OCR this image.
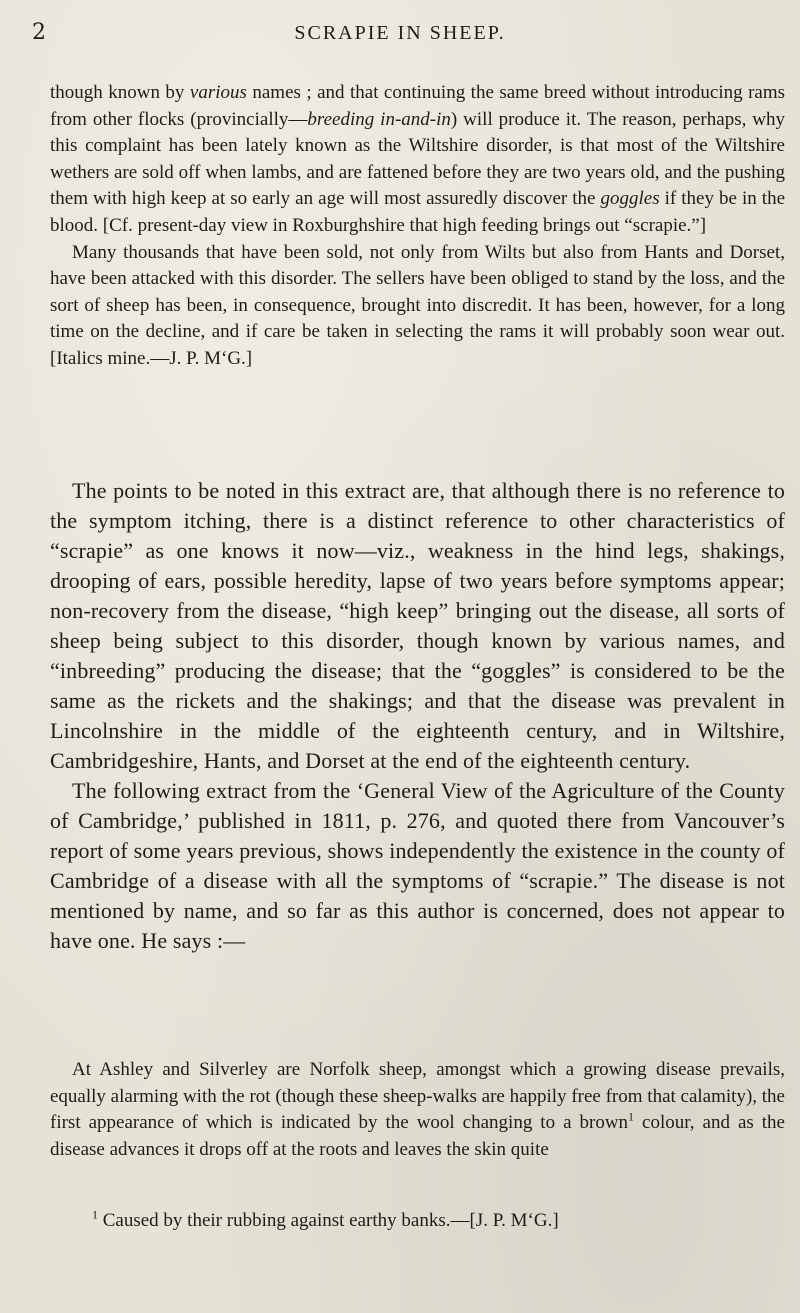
2	SCRAPIE IN SHEEP.

though known by various names ; and that continuing the same breed without introducing rams from other flocks (provincially—breeding in-and-in) will produce it. The reason, perhaps, why this complaint has been lately known as the Wiltshire disorder, is that most of the Wiltshire wethers are sold off when lambs, and are fattened before they are two years old, and the pushing them with high keep at so early an age will most assuredly discover the goggles if they be in the blood. [Cf. present-day view in Roxburghshire that high feeding brings out “scrapie.”]

Many thousands that have been sold, not only from Wilts but also from Hants and Dorset, have been attacked with this disorder. The sellers have been obliged to stand by the loss, and the sort of sheep has been, in consequence, brought into discredit. It has been, however, for a long time on the decline, and if care be taken in selecting the rams it will probably soon wear out. [Italics mine.—J. P. M‘G.]

The points to be noted in this extract are, that although there is no reference to the symptom itching, there is a distinct reference to other characteristics of “scrapie” as one knows it now—viz., weakness in the hind legs, shakings, drooping of ears, possible heredity, lapse of two years before symptoms appear; non-recovery from the disease, “high keep” bringing out the disease, all sorts of sheep being subject to this disorder, though known by various names, and “inbreeding” producing the disease; that the “goggles” is considered to be the same as the rickets and the shakings; and that the disease was prevalent in Lincolnshire in the middle of the eighteenth century, and in Wiltshire, Cambridgeshire, Hants, and Dorset at the end of the eighteenth century.

The following extract from the ‘General View of the Agriculture of the County of Cambridge,’ published in 1811, p. 276, and quoted there from Vancouver’s report of some years previous, shows independently the existence in the county of Cambridge of a disease with all the symptoms of “scrapie.” The disease is not mentioned by name, and so far as this author is concerned, does not appear to have one. He says :—

At Ashley and Silverley are Norfolk sheep, amongst which a growing disease prevails, equally alarming with the rot (though these sheep-walks are happily free from that calamity), the first appearance of which is indicated by the wool changing to a brown$^1$ colour, and as the disease advances it drops off at the roots and leaves the skin quite

$^1$ Caused by their rubbing against earthy banks.—[J. P. M‘G.]
